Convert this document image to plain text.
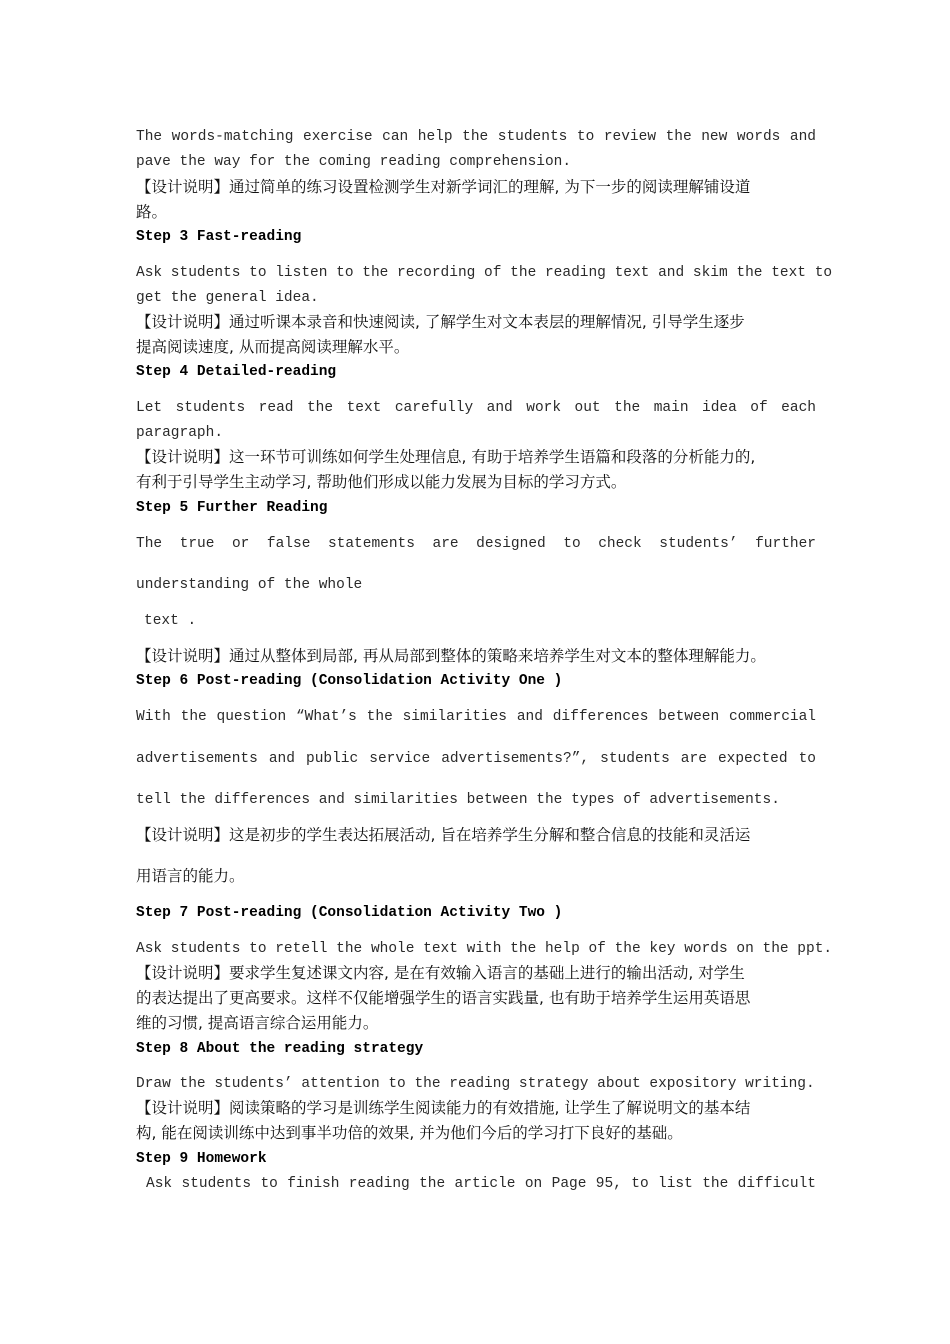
The words-matching exercise can help the students to review the new words and
pave the way for the coming reading comprehension.
【设计说明】通过简单的练习设置检测学生对新学词汇的理解, 为下一步的阅读理解铺设道
路。
Step 3 Fast-reading
Ask students to listen to the recording of the reading text and skim the text to
get the general idea.
【设计说明】通过听课本录音和快速阅读, 了解学生对文本表层的理解情况, 引导学生逐步
提高阅读速度, 从而提高阅读理解水平。
Step 4 Detailed-reading
Let students read the text carefully and work out the main idea of each
paragraph.
【设计说明】这一环节可训练如何学生处理信息, 有助于培养学生语篇和段落的分析能力的,
有利于引导学生主动学习, 帮助他们形成以能力发展为目标的学习方式。
Step 5 Further Reading
The true or false statements are designed to check students’ further
understanding of the whole
text .
【设计说明】通过从整体到局部, 再从局部到整体的策略来培养学生对文本的整体理解能力。
Step 6 Post-reading (Consolidation Activity One )
With the question “What’s the similarities and differences between commercial
advertisements and public service advertisements?”, students are expected to
tell the differences and similarities between the types of advertisements.
【设计说明】这是初步的学生表达拓展活动, 旨在培养学生分解和整合信息的技能和灵活运
用语言的能力。
Step 7 Post-reading (Consolidation Activity Two )
Ask students to retell the whole text with the help of the key words on the ppt.
【设计说明】要求学生复述课文内容, 是在有效输入语言的基础上进行的输出活动, 对学生
的表达提出了更高要求。这样不仅能增强学生的语言实践量, 也有助于培养学生运用英语思
维的习惯, 提高语言综合运用能力。
Step 8 About the reading strategy
Draw the students’ attention to the reading strategy about expository writing.
【设计说明】阅读策略的学习是训练学生阅读能力的有效措施, 让学生了解说明文的基本结
构, 能在阅读训练中达到事半功倍的效果, 并为他们今后的学习打下良好的基础。
Step 9 Homework
Ask students to finish reading the article on Page 95, to list the difficult
